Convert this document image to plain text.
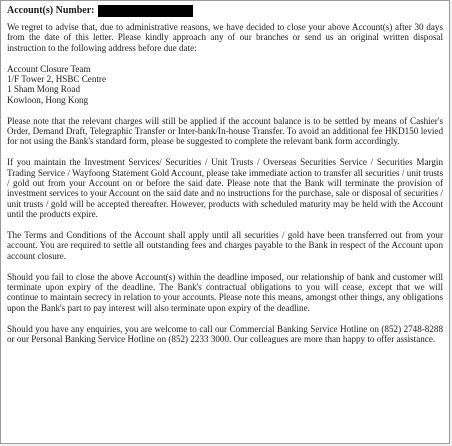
Account(s) Number:

We regret to advise that, due to administrative reasons, we have decided to close your above Account(s) after 30 days from the date of this letter. Please kindly approach any of our branches or send us an original written disposal instruction to the following address before due date:

Account Closure Team
1/F Tower 2, HSBC Centre
1 Sham Mong Road
Kowloon, Hong Kong

Please note that the relevant charges will still be applied if the account balance is to be settled by means of Cashier's Order, Demand Draft, Telegraphic Transfer or Inter-bank/In-house Transfer. To avoid an additional fee HKD150 levied for not using the Bank's standard form, please be suggested to complete the relevant bank form accordingly.

If you maintain the Investment Services/ Securities / Unit Trusts / Overseas Securities Service / Securities Margin Trading Service / Wayfoong Statement Gold Account, please take immediate action to transfer all securities / unit trusts / gold out from your Account on or before the said date. Please note that the Bank will terminate the provision of investment services to your Account on the said date and no instructions for the purchase, sale or disposal of securities / unit trusts / gold will be accepted thereafter. However, products with scheduled maturity may be held with the Account until the products expire.

The Terms and Conditions of the Account shall apply until all securities / gold have been transferred out from your account. You are required to settle all outstanding fees and charges payable to the Bank in respect of the Account upon account closure.

Should you fail to close the above Account(s) within the deadline imposed, our relationship of bank and customer will terminate upon expiry of the deadline. The Bank's contractual obligations to you will cease, except that we will continue to maintain secrecy in relation to your accounts. Please note this means, amongst other things, any obligations upon the Bank's part to pay interest will also terminate upon expiry of the deadline.

Should you have any enquiries, you are welcome to call our Commercial Banking Service Hotline on (852) 2748-8288 or our Personal Banking Service Hotline on (852) 2233 3000. Our colleagues are more than happy to offer assistance.
